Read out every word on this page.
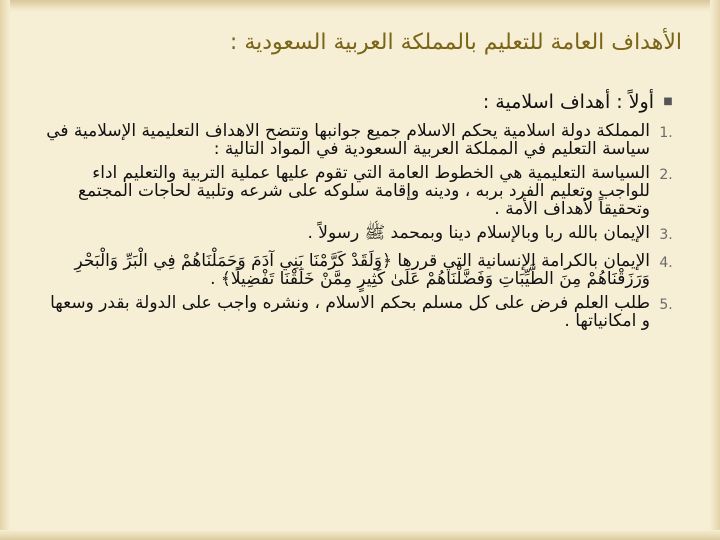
الأهداف العامة للتعليم بالمملكة العربية السعودية :
■
أولاً : أهداف اسلامية :
1.
المملكة دولة اسلامية يحكم الاسلام جميع جوانبها وتتضح الاهداف التعليمية الإسلامية في سياسة التعليم في المملكة العربية السعودية في المواد التالية :
2.
السياسة التعليمية هي الخطوط العامة التي تقوم عليها عملية التربية والتعليم اداء للواجب وتعليم الفرد بربه ، ودينه وإقامة سلوكه على شرعه وتلبية لحاجات المجتمع وتحقيقاً لأهداف الأمة .
3.
الإيمان بالله ربا وبالإسلام دينا وبمحمد ﷺ رسولاً .
4.
الإيمان بالكرامة الإنسانية التي قررها ﴿وَلَقَدْ كَرَّمْنَا بَنِي آدَمَ وَحَمَلْنَاهُمْ فِي الْبَرِّ وَالْبَحْرِ وَرَزَقْنَاهُمْ مِنَ الطَّيِّبَاتِ وَفَضَّلْنَاهُمْ عَلَىٰ كَثِيرٍ مِمَّنْ خَلَقْنَا تَفْضِيلًا﴾ .
5.
طلب العلم فرض على كل مسلم بحكم الاسلام ، ونشره واجب على الدولة بقدر وسعها و امكانياتها .
